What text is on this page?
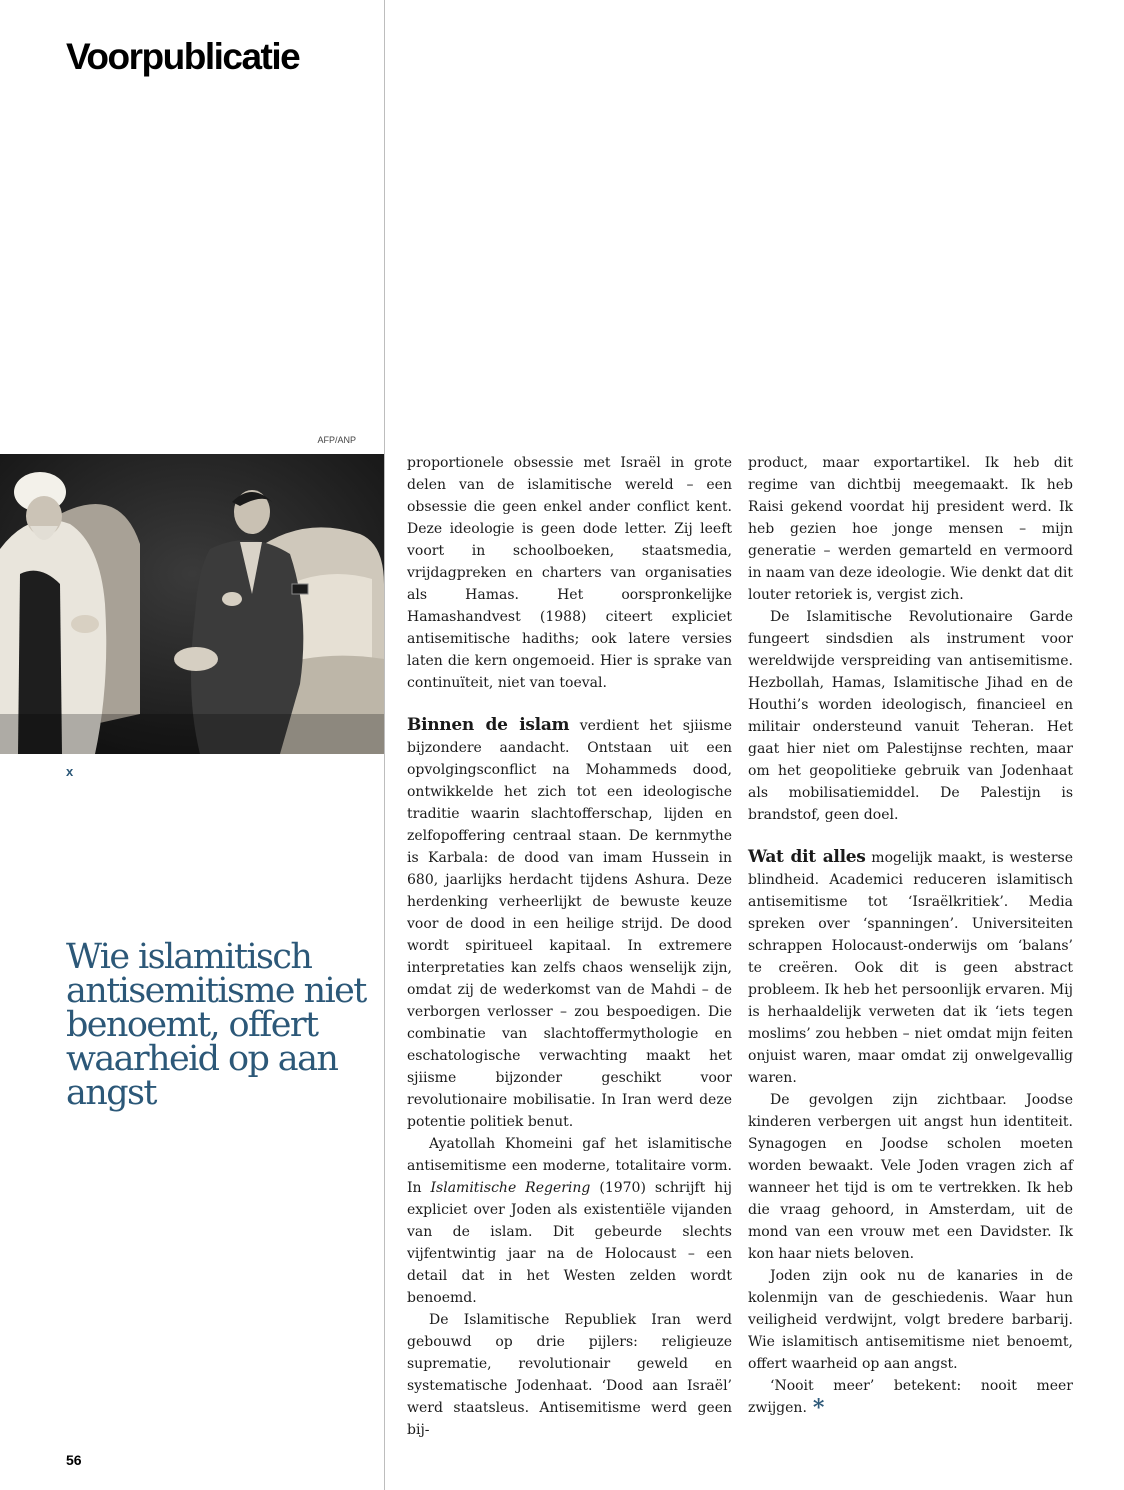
Voorpublicatie
AFP/ANP
x
Wie islamitisch antisemitisme niet benoemt, offert waarheid op aan angst

proportionele obsessie met Israël in grote delen van de islamitische wereld – een obsessie die geen enkel ander conflict kent. Deze ideologie is geen dode letter. Zij leeft voort in schoolboeken, staatsmedia, vrijdagpreken en charters van organisaties als Hamas. Het oorspronkelijke Hamashandvest (1988) citeert expliciet antisemitische hadiths; ook latere versies laten die kern ongemoeid. Hier is sprake van continuïteit, niet van toeval.

Binnen de islam verdient het sjiisme bijzondere aandacht. Ontstaan uit een opvolgingsconflict na Mohammeds dood, ontwikkelde het zich tot een ideologische traditie waarin slachtofferschap, lijden en zelfopoffering centraal staan. De kernmythe is Karbala: de dood van imam Hussein in 680, jaarlijks herdacht tijdens Ashura. Deze herdenking verheerlijkt de bewuste keuze voor de dood in een heilige strijd. De dood wordt spiritueel kapitaal. In extremere interpretaties kan zelfs chaos wenselijk zijn, omdat zij de wederkomst van de Mahdi – de verborgen verlosser – zou bespoedigen. Die combinatie van slachtoffermythologie en eschatologische verwachting maakt het sjiisme bijzonder geschikt voor revolutionaire mobilisatie. In Iran werd deze potentie politiek benut.

Ayatollah Khomeini gaf het islamitische antisemitisme een moderne, totalitaire vorm. In Islamitische Regering (1970) schrijft hij expliciet over Joden als existentiële vijanden van de islam. Dit gebeurde slechts vijfentwintig jaar na de Holocaust – een detail dat in het Westen zelden wordt benoemd.

De Islamitische Republiek Iran werd gebouwd op drie pijlers: religieuze suprematie, revolutionair geweld en systematische Jodenhaat. ‘Dood aan Israël’ werd staatsleus. Antisemitisme werd geen bij-

product, maar exportartikel. Ik heb dit regime van dichtbij meegemaakt. Ik heb Raisi gekend voordat hij president werd. Ik heb gezien hoe jonge mensen – mijn generatie – werden gemarteld en vermoord in naam van deze ideologie. Wie denkt dat dit louter retoriek is, vergist zich.

De Islamitische Revolutionaire Garde fungeert sindsdien als instrument voor wereldwijde verspreiding van antisemitisme. Hezbollah, Hamas, Islamitische Jihad en de Houthi’s worden ideologisch, financieel en militair ondersteund vanuit Teheran. Het gaat hier niet om Palestijnse rechten, maar om het geopolitieke gebruik van Jodenhaat als mobilisatiemiddel. De Palestijn is brandstof, geen doel.

Wat dit alles mogelijk maakt, is westerse blindheid. Academici reduceren islamitisch antisemitisme tot ‘Israëlkritiek’. Media spreken over ‘spanningen’. Universiteiten schrappen Holocaust-onderwijs om ‘balans’ te creëren. Ook dit is geen abstract probleem. Ik heb het persoonlijk ervaren. Mij is herhaaldelijk verweten dat ik ‘iets tegen moslims’ zou hebben – niet omdat mijn feiten onjuist waren, maar omdat zij onwelgevallig waren.

De gevolgen zijn zichtbaar. Joodse kinderen verbergen uit angst hun identiteit. Synagogen en Joodse scholen moeten worden bewaakt. Vele Joden vragen zich af wanneer het tijd is om te vertrekken. Ik heb die vraag gehoord, in Amsterdam, uit de mond van een vrouw met een Davidster. Ik kon haar niets beloven.

Joden zijn ook nu de kanaries in de kolenmijn van de geschiedenis. Waar hun veiligheid verdwijnt, volgt bredere barbarij. Wie islamitisch antisemitisme niet benoemt, offert waarheid op aan angst.

‘Nooit meer’ betekent: nooit meer zwijgen. *

56
